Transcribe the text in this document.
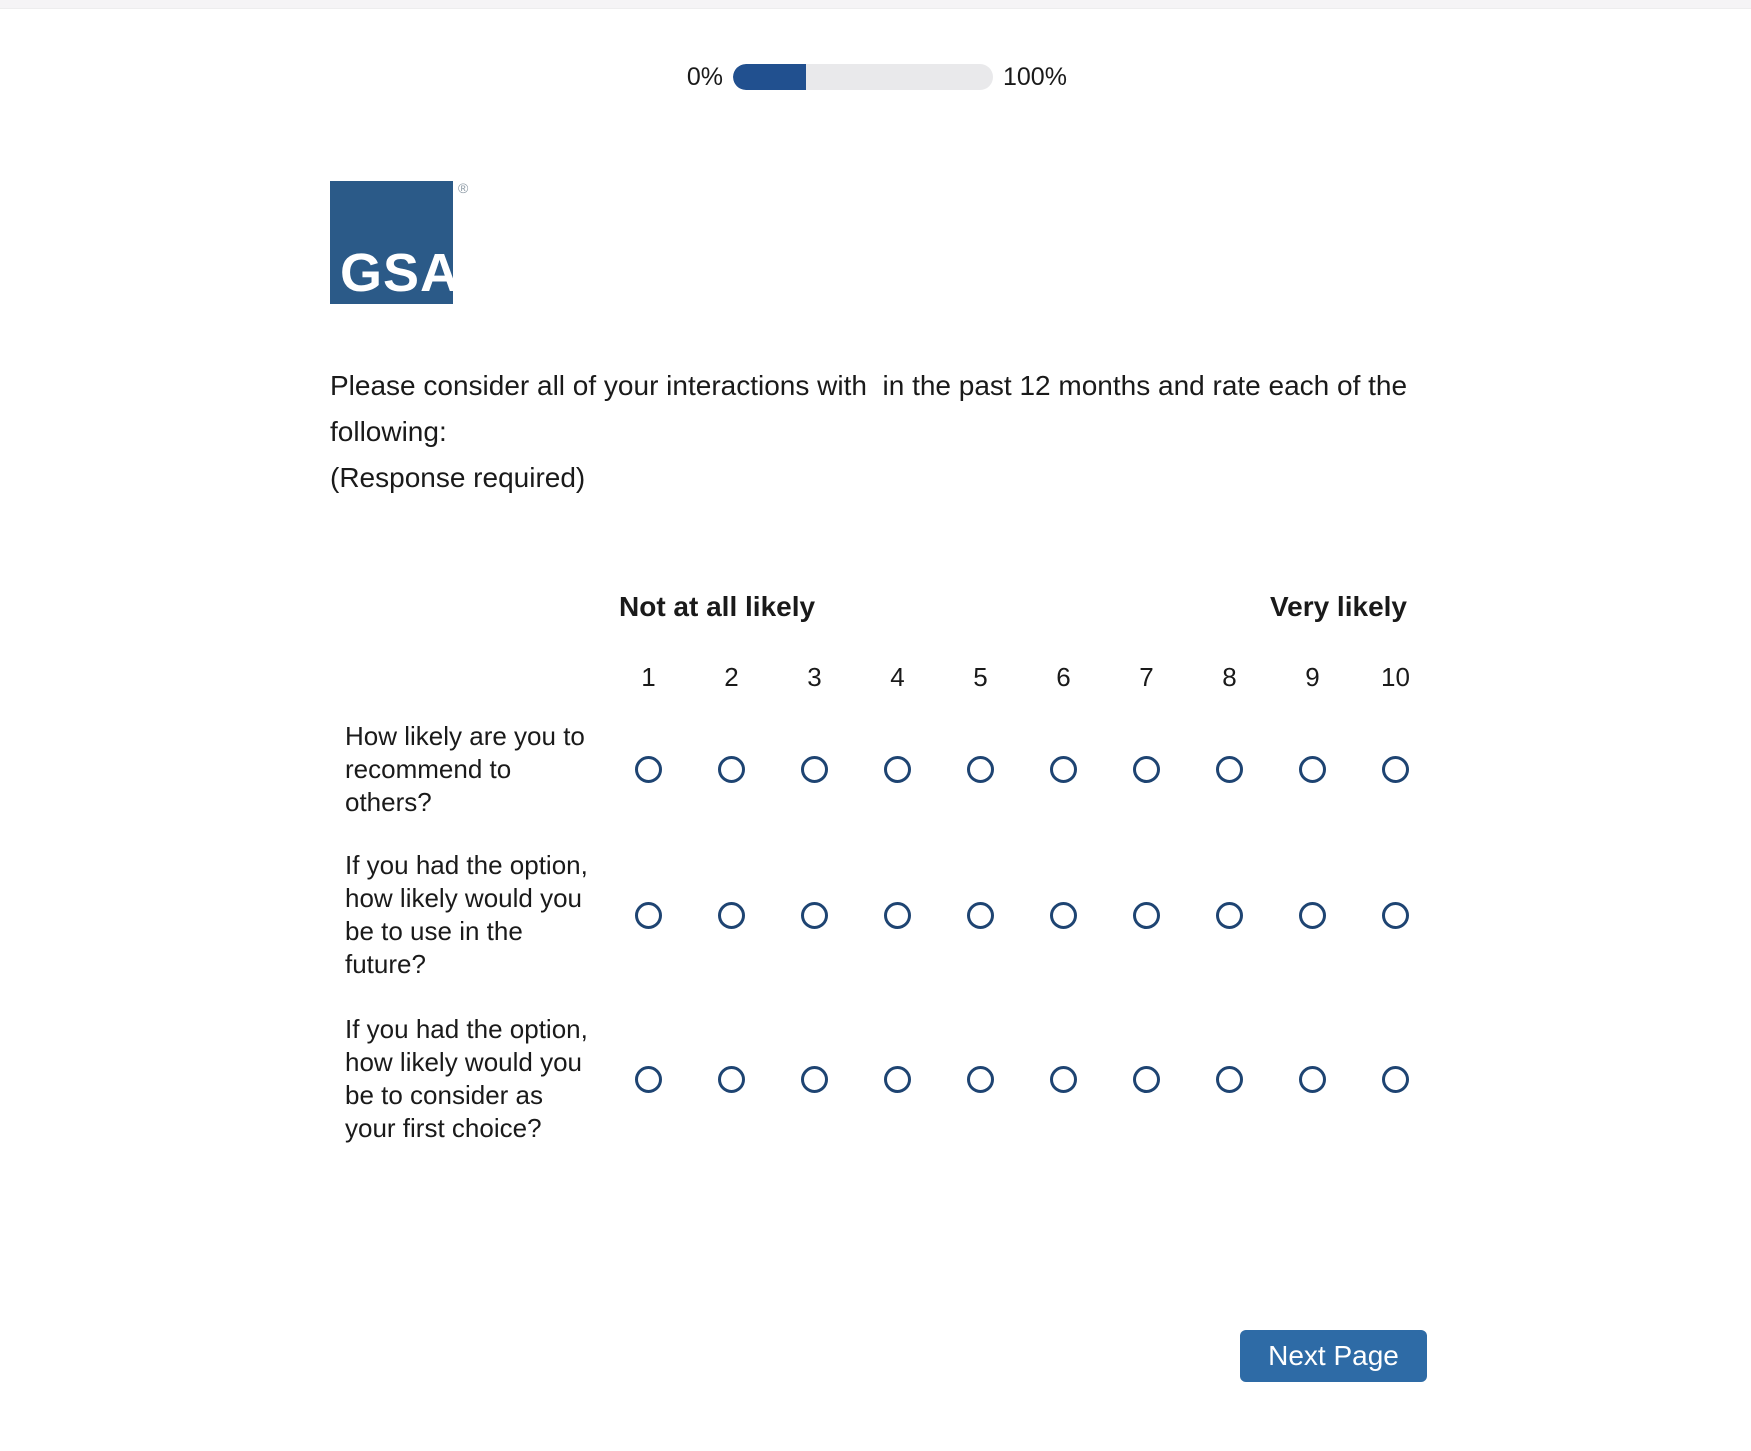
0%	100%
GSA
®

Please consider all of your interactions with  in the past 12 months and rate each of the following:

(Response required)

Not at all likely	Very likely
1	2	3	4	5	6	7	8	9	10
How likely are you to recommend to others?
If you had the option, how likely would you be to use in the future?
If you had the option, how likely would you be to consider as your first choice?
Next Page
